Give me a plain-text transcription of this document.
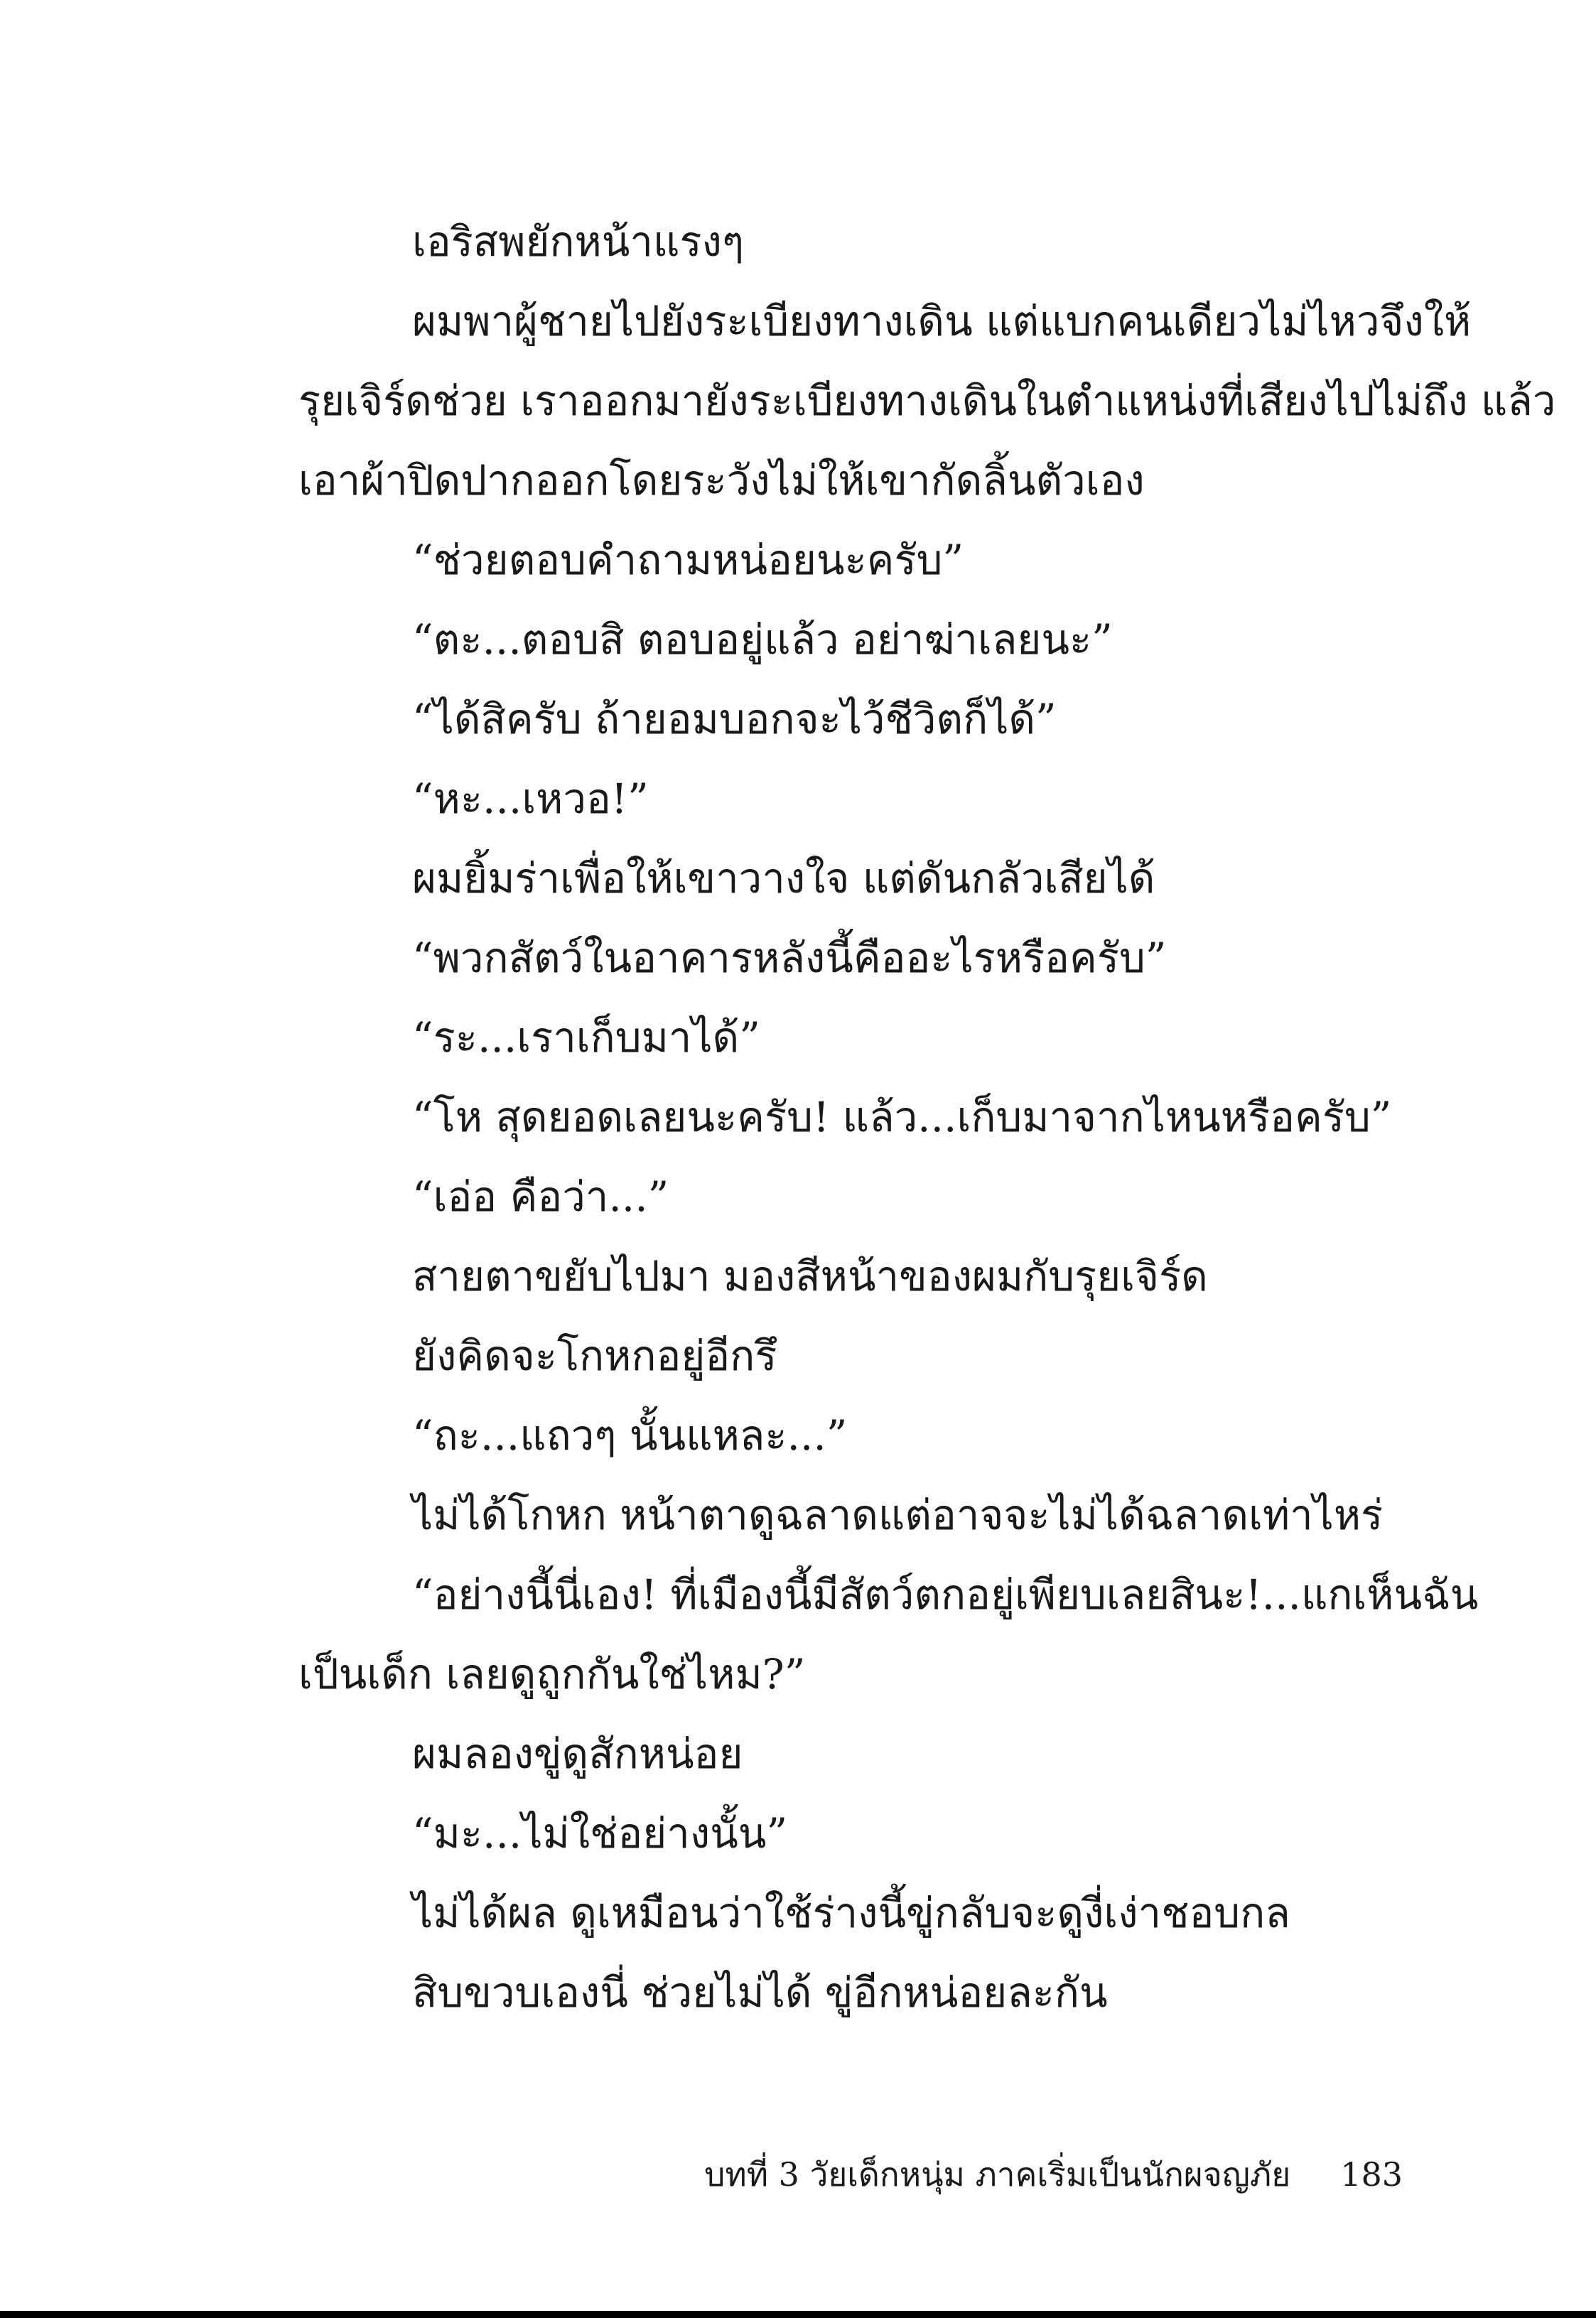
เอริสพยักหน้าแรงๆ
ผมพาผู้ชายไปยังระเบียงทางเดิน แต่แบกคนเดียวไม่ไหวจึงให้
รุยเจิร์ดช่วย เราออกมายังระเบียงทางเดินในตำแหน่งที่เสียงไปไม่ถึง แล้ว
เอาผ้าปิดปากออกโดยระวังไม่ให้เขากัดลิ้นตัวเอง
“ช่วยตอบคำถามหน่อยนะครับ”
“ตะ...ตอบสิ ตอบอยู่แล้ว อย่าฆ่าเลยนะ”
“ได้สิครับ ถ้ายอมบอกจะไว้ชีวิตก็ได้”
“หะ...เหวอ!”
ผมยิ้มร่าเพื่อให้เขาวางใจ แต่ดันกลัวเสียได้
“พวกสัตว์ในอาคารหลังนี้คืออะไรหรือครับ”
“ระ...เราเก็บมาได้”
“โห สุดยอดเลยนะครับ! แล้ว...เก็บมาจากไหนหรือครับ”
“เอ่อ คือว่า...”
สายตาขยับไปมา มองสีหน้าของผมกับรุยเจิร์ด
ยังคิดจะโกหกอยู่อีกรึ
“ถะ...แถวๆ นั้นแหละ...”
ไม่ได้โกหก หน้าตาดูฉลาดแต่อาจจะไม่ได้ฉลาดเท่าไหร่
“อย่างนี้นี่เอง! ที่เมืองนี้มีสัตว์ตกอยู่เพียบเลยสินะ!...แกเห็นฉัน
เป็นเด็ก เลยดูถูกกันใช่ไหม?”
ผมลองขู่ดูสักหน่อย
“มะ...ไม่ใช่อย่างนั้น”
ไม่ได้ผล ดูเหมือนว่าใช้ร่างนี้ขู่กลับจะดูงี่เง่าชอบกล
สิบขวบเองนี่ ช่วยไม่ได้ ขู่อีกหน่อยละกัน
บทที่ 3 วัยเด็กหนุ่ม ภาคเริ่มเป็นนักผจญภัย 183
